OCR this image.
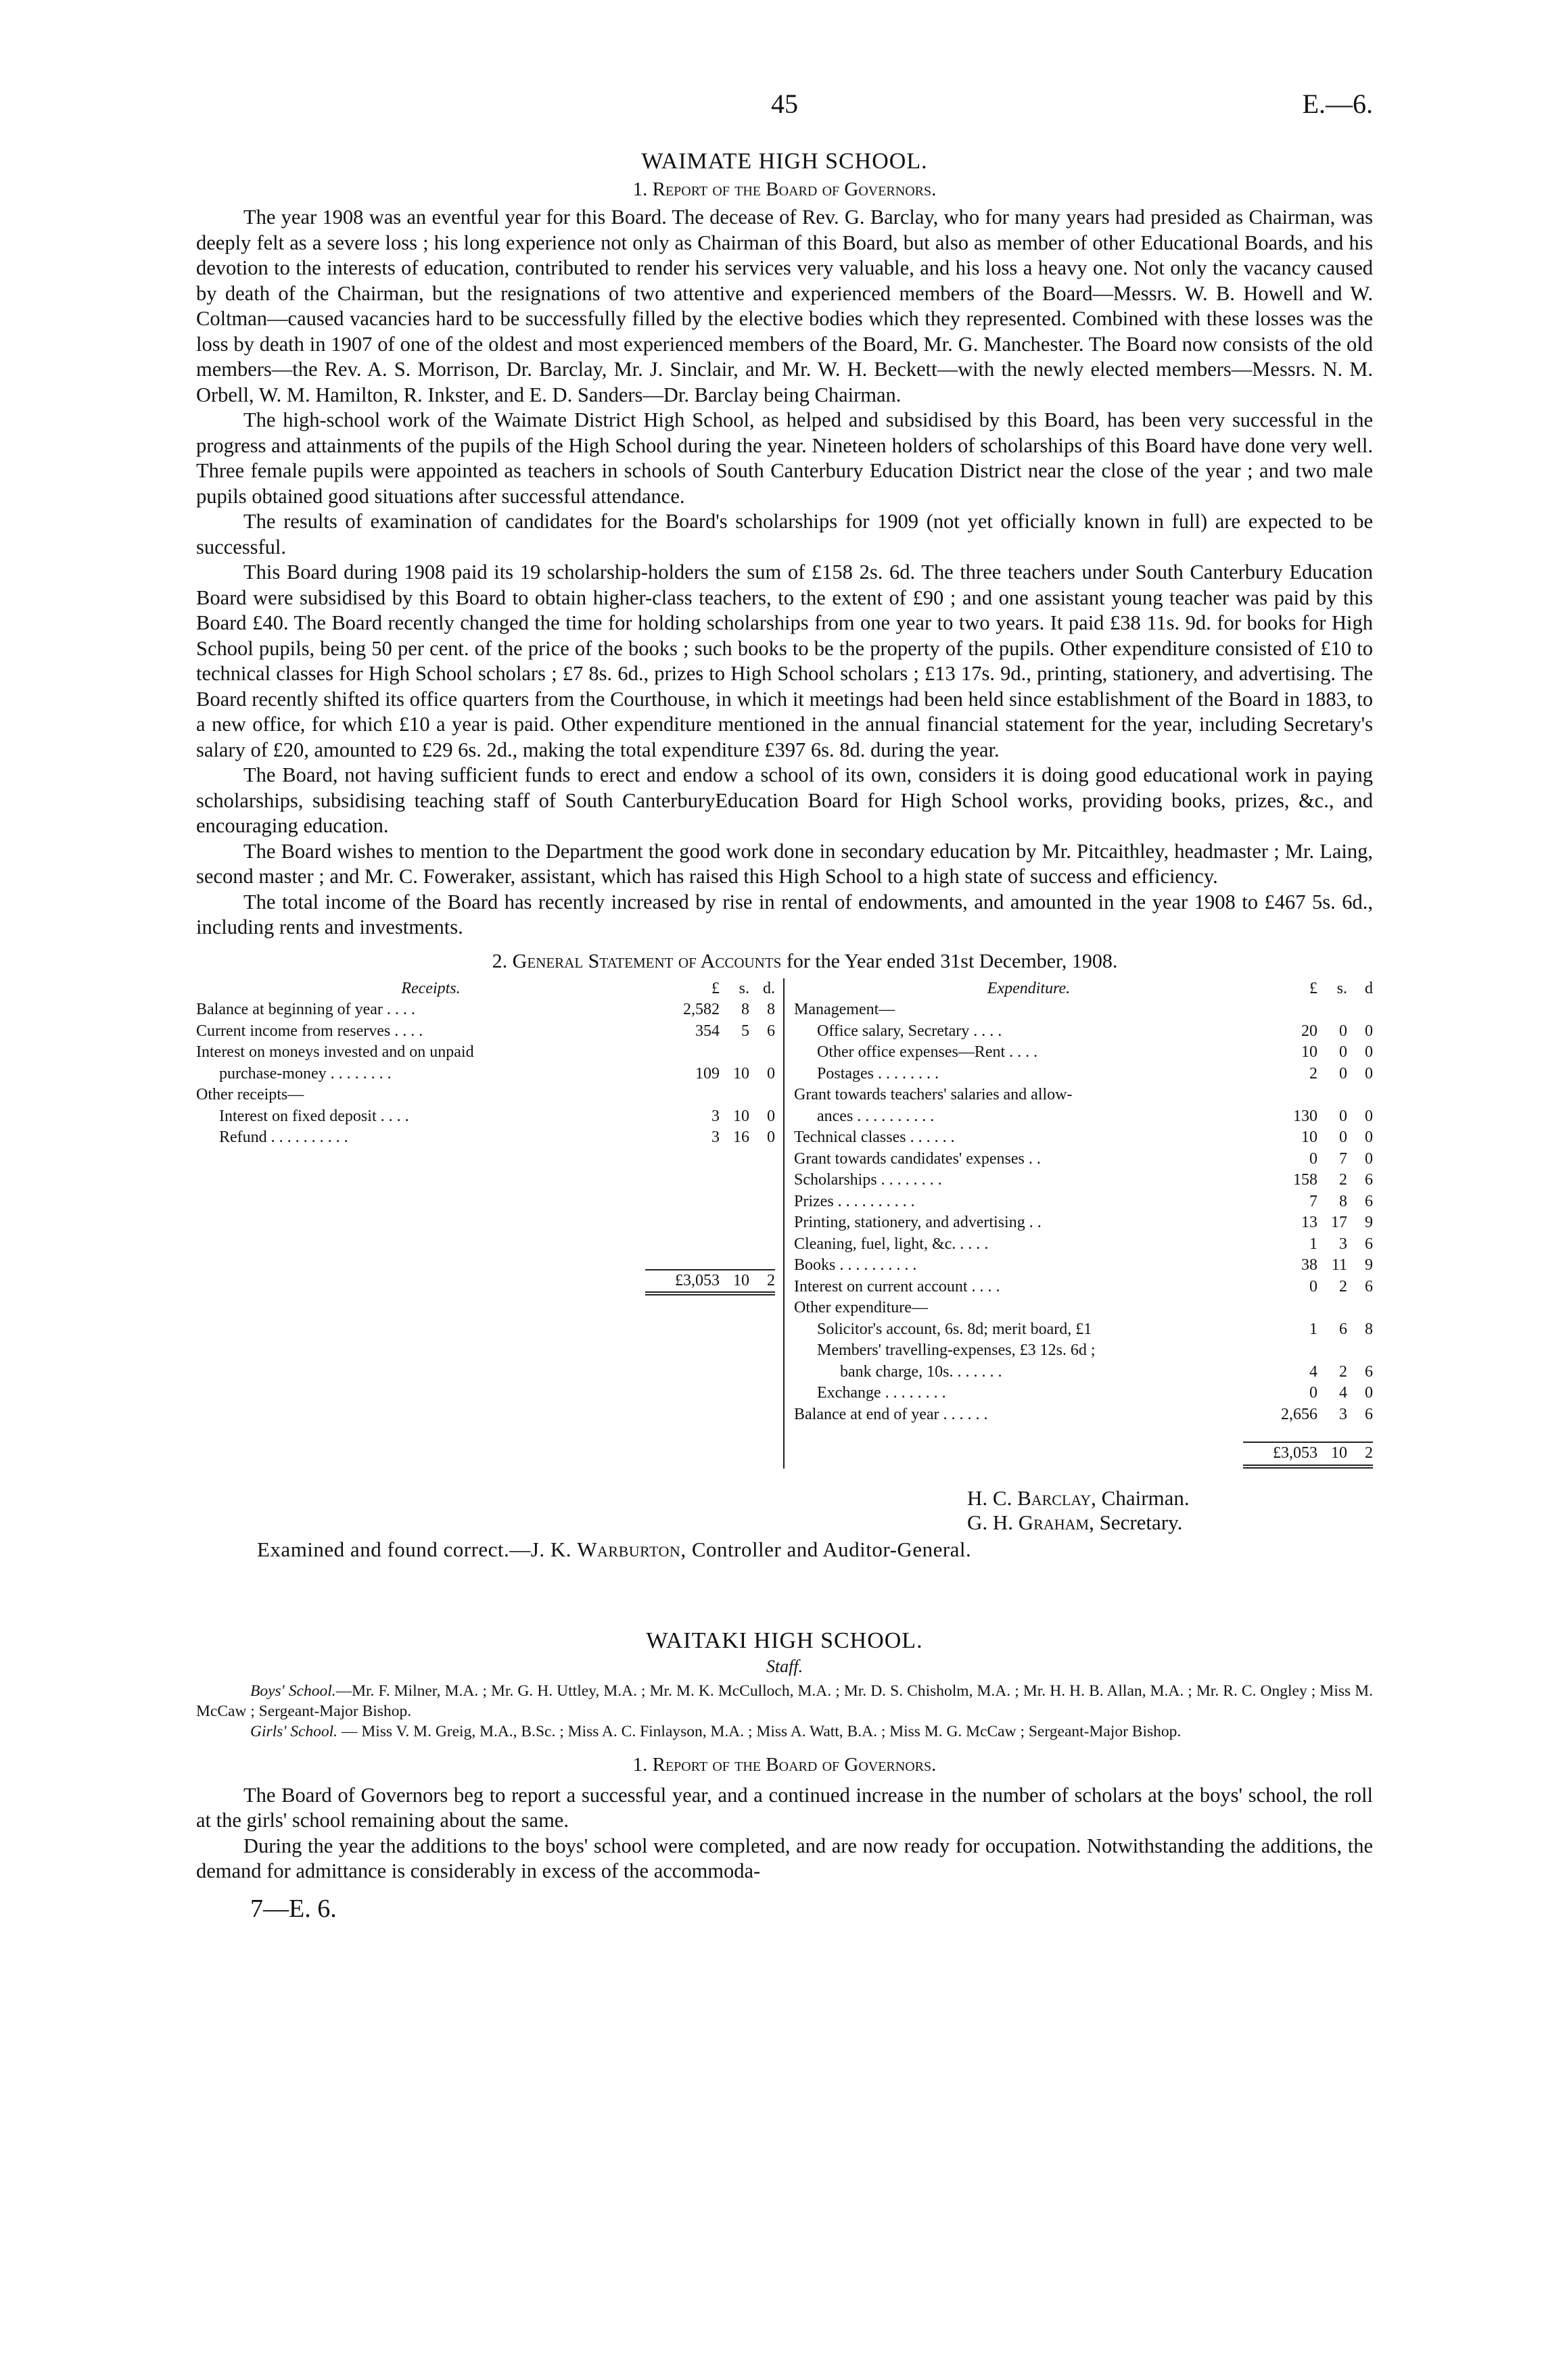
45	E.—6.
WAIMATE HIGH SCHOOL.
1. Report of the Board of Governors.

The year 1908 was an eventful year for this Board. The decease of Rev. G. Barclay, who for many years had presided as Chairman, was deeply felt as a severe loss ; his long experience not only as Chairman of this Board, but also as member of other Educational Boards, and his devotion to the interests of education, contributed to render his services very valuable, and his loss a heavy one. Not only the vacancy caused by death of the Chairman, but the resignations of two attentive and experienced members of the Board—Messrs. W. B. Howell and W. Coltman—caused vacancies hard to be successfully filled by the elective bodies which they represented. Combined with these losses was the loss by death in 1907 of one of the oldest and most experienced members of the Board, Mr. G. Manchester. The Board now consists of the old members—the Rev. A. S. Morrison, Dr. Barclay, Mr. J. Sinclair, and Mr. W. H. Beckett—with the newly elected members—Messrs. N. M. Orbell, W. M. Hamilton, R. Inkster, and E. D. Sanders—Dr. Barclay being Chairman.

The high-school work of the Waimate District High School, as helped and subsidised by this Board, has been very successful in the progress and attainments of the pupils of the High School during the year. Nineteen holders of scholarships of this Board have done very well. Three female pupils were appointed as teachers in schools of South Canterbury Education District near the close of the year ; and two male pupils obtained good situations after successful attendance.

The results of examination of candidates for the Board's scholarships for 1909 (not yet officially known in full) are expected to be successful.

This Board during 1908 paid its 19 scholarship-holders the sum of £158 2s. 6d. The three teachers under South Canterbury Education Board were subsidised by this Board to obtain higher-class teachers, to the extent of £90 ; and one assistant young teacher was paid by this Board £40. The Board recently changed the time for holding scholarships from one year to two years. It paid £38 11s. 9d. for books for High School pupils, being 50 per cent. of the price of the books ; such books to be the property of the pupils. Other expenditure consisted of £10 to technical classes for High School scholars ; £7 8s. 6d., prizes to High School scholars ; £13 17s. 9d., printing, stationery, and advertising. The Board recently shifted its office quarters from the Courthouse, in which it meetings had been held since establishment of the Board in 1883, to a new office, for which £10 a year is paid. Other expenditure mentioned in the annual financial statement for the year, including Secretary's salary of £20, amounted to £29 6s. 2d., making the total expenditure £397 6s. 8d. during the year.

The Board, not having sufficient funds to erect and endow a school of its own, considers it is doing good educational work in paying scholarships, subsidising teaching staff of South CanterburyEducation Board for High School works, providing books, prizes, &c., and encouraging education.

The Board wishes to mention to the Department the good work done in secondary education by Mr. Pitcaithley, headmaster ; Mr. Laing, second master ; and Mr. C. Foweraker, assistant, which has raised this High School to a high state of success and efficiency.

The total income of the Board has recently increased by rise in rental of endowments, and amounted in the year 1908 to £467 5s. 6d., including rents and investments.

2. General Statement of Accounts for the Year ended 31st December, 1908.
Receipts.	£	s. d.
Balance at beginning of year . . . .	2,582	8	8
Current income from reserves . . . .	354	5	6
Interest on moneys invested and on unpaid
purchase-money . . . . . . . .	109 10	0
Other receipts—
Interest on fixed deposit . . . .	3 10	0
Refund . . . . . . . . . .	3 16	0
£3,053 10	2
Expenditure.	£	s.	d
Management—
Office salary, Secretary . . . .	20	0	0
Other office expenses—Rent . . . .	10	0	0
Postages . . . . . . . .	2	0	0
Grant towards teachers' salaries and allow-
ances . . . . . . . . . .	130	0	0
Technical classes . . . . . .	10	0	0
Grant towards candidates' expenses . .	0	7	0
Scholarships . . . . . . . .	158	2	6
Prizes . . . . . . . . . .	7	8	6
Printing, stationery, and advertising . .	13 17	9
Cleaning, fuel, light, &c. . . . .	1	3	6
Books . . . . . . . . . .	38 11	9
Interest on current account . . . .	0	2	6
Other expenditure—
Solicitor's account, 6s. 8d; merit board, £1	1	6	8
Members' travelling-expenses, £3 12s. 6d ;
bank charge, 10s. . . . . . .	4	2	6
Exchange . . . . . . . .	0	4	0
Balance at end of year . . . . . .	2,656	3	6
£3,053 10	2
H. C. Barclay, Chairman.
G. H. Graham, Secretary.
Examined and found correct.—J. K. Warburton, Controller and Auditor-General.
WAITAKI HIGH SCHOOL.
Staff.
Boys' School.—Mr. F. Milner, M.A. ; Mr. G. H. Uttley, M.A. ; Mr. M. K. McCulloch, M.A. ; Mr. D. S. Chisholm, M.A. ; Mr. H. H. B. Allan, M.A. ; Mr. R. C. Ongley ; Miss M. McCaw ; Sergeant-Major Bishop.
Girls' School. — Miss V. M. Greig, M.A., B.Sc. ; Miss A. C. Finlayson, M.A. ; Miss A. Watt, B.A. ; Miss M. G. McCaw ; Sergeant-Major Bishop.
1. Report of the Board of Governors.

The Board of Governors beg to report a successful year, and a continued increase in the number of scholars at the boys' school, the roll at the girls' school remaining about the same.

During the year the additions to the boys' school were completed, and are now ready for occupation. Notwithstanding the additions, the demand for admittance is considerably in excess of the accommoda-

7—E. 6.
